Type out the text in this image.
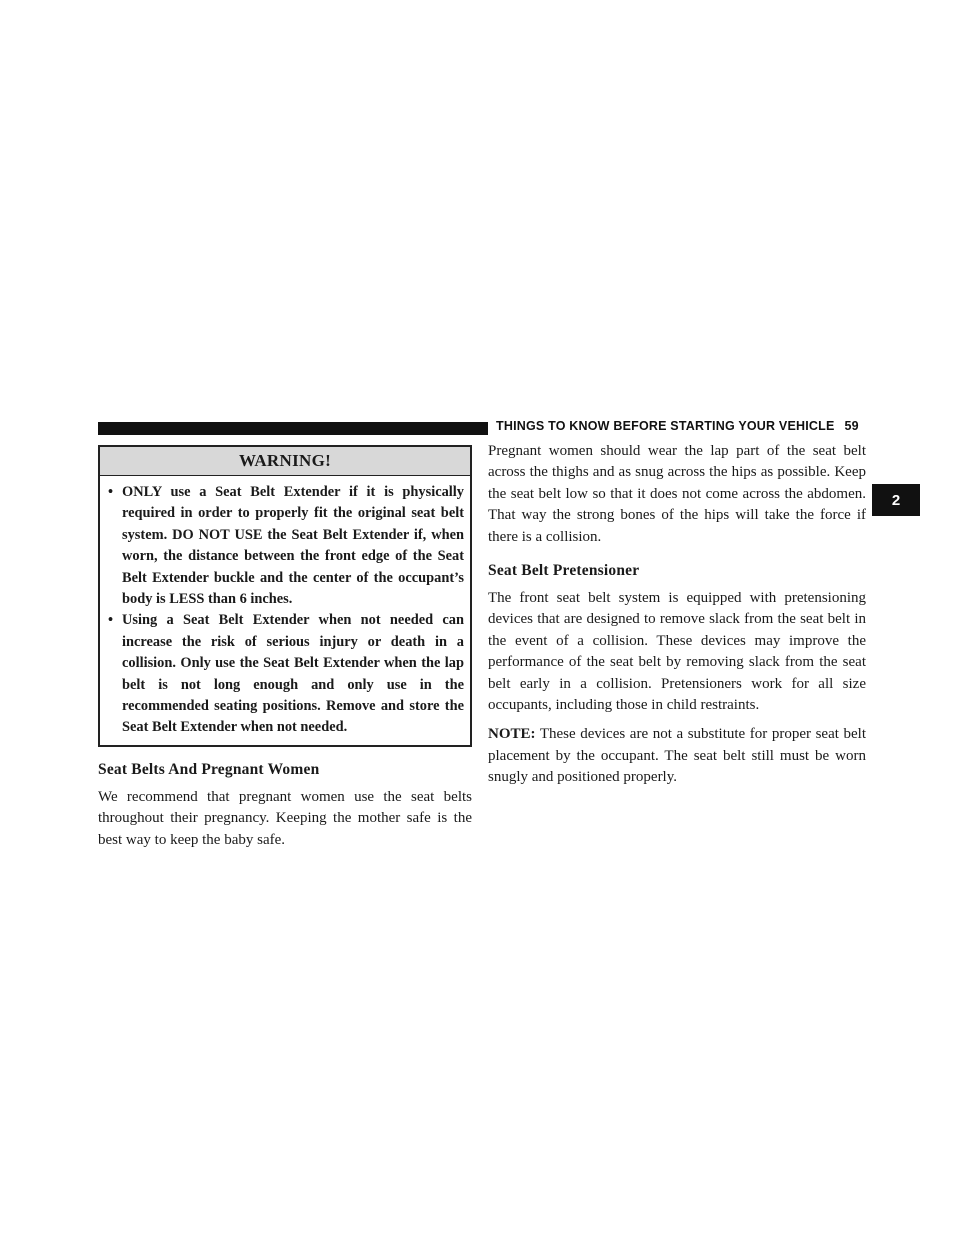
THINGS TO KNOW BEFORE STARTING YOUR VEHICLE 59
2
WARNING!
• ONLY use a Seat Belt Extender if it is physically required in order to properly fit the original seat belt system. DO NOT USE the Seat Belt Extender if, when worn, the distance between the front edge of the Seat Belt Extender buckle and the center of the occupant’s body is LESS than 6 inches.
• Using a Seat Belt Extender when not needed can increase the risk of serious injury or death in a collision. Only use the Seat Belt Extender when the lap belt is not long enough and only use in the recommended seating positions. Remove and store the Seat Belt Extender when not needed.
Seat Belts And Pregnant Women

We recommend that pregnant women use the seat belts throughout their pregnancy. Keeping the mother safe is the best way to keep the baby safe.

Pregnant women should wear the lap part of the seat belt across the thighs and as snug across the hips as possible. Keep the seat belt low so that it does not come across the abdomen. That way the strong bones of the hips will take the force if there is a collision.

Seat Belt Pretensioner

The front seat belt system is equipped with pretensioning devices that are designed to remove slack from the seat belt in the event of a collision. These devices may improve the performance of the seat belt by removing slack from the seat belt early in a collision. Pretensioners work for all size occupants, including those in child restraints.

NOTE: These devices are not a substitute for proper seat belt placement by the occupant. The seat belt still must be worn snugly and positioned properly.
